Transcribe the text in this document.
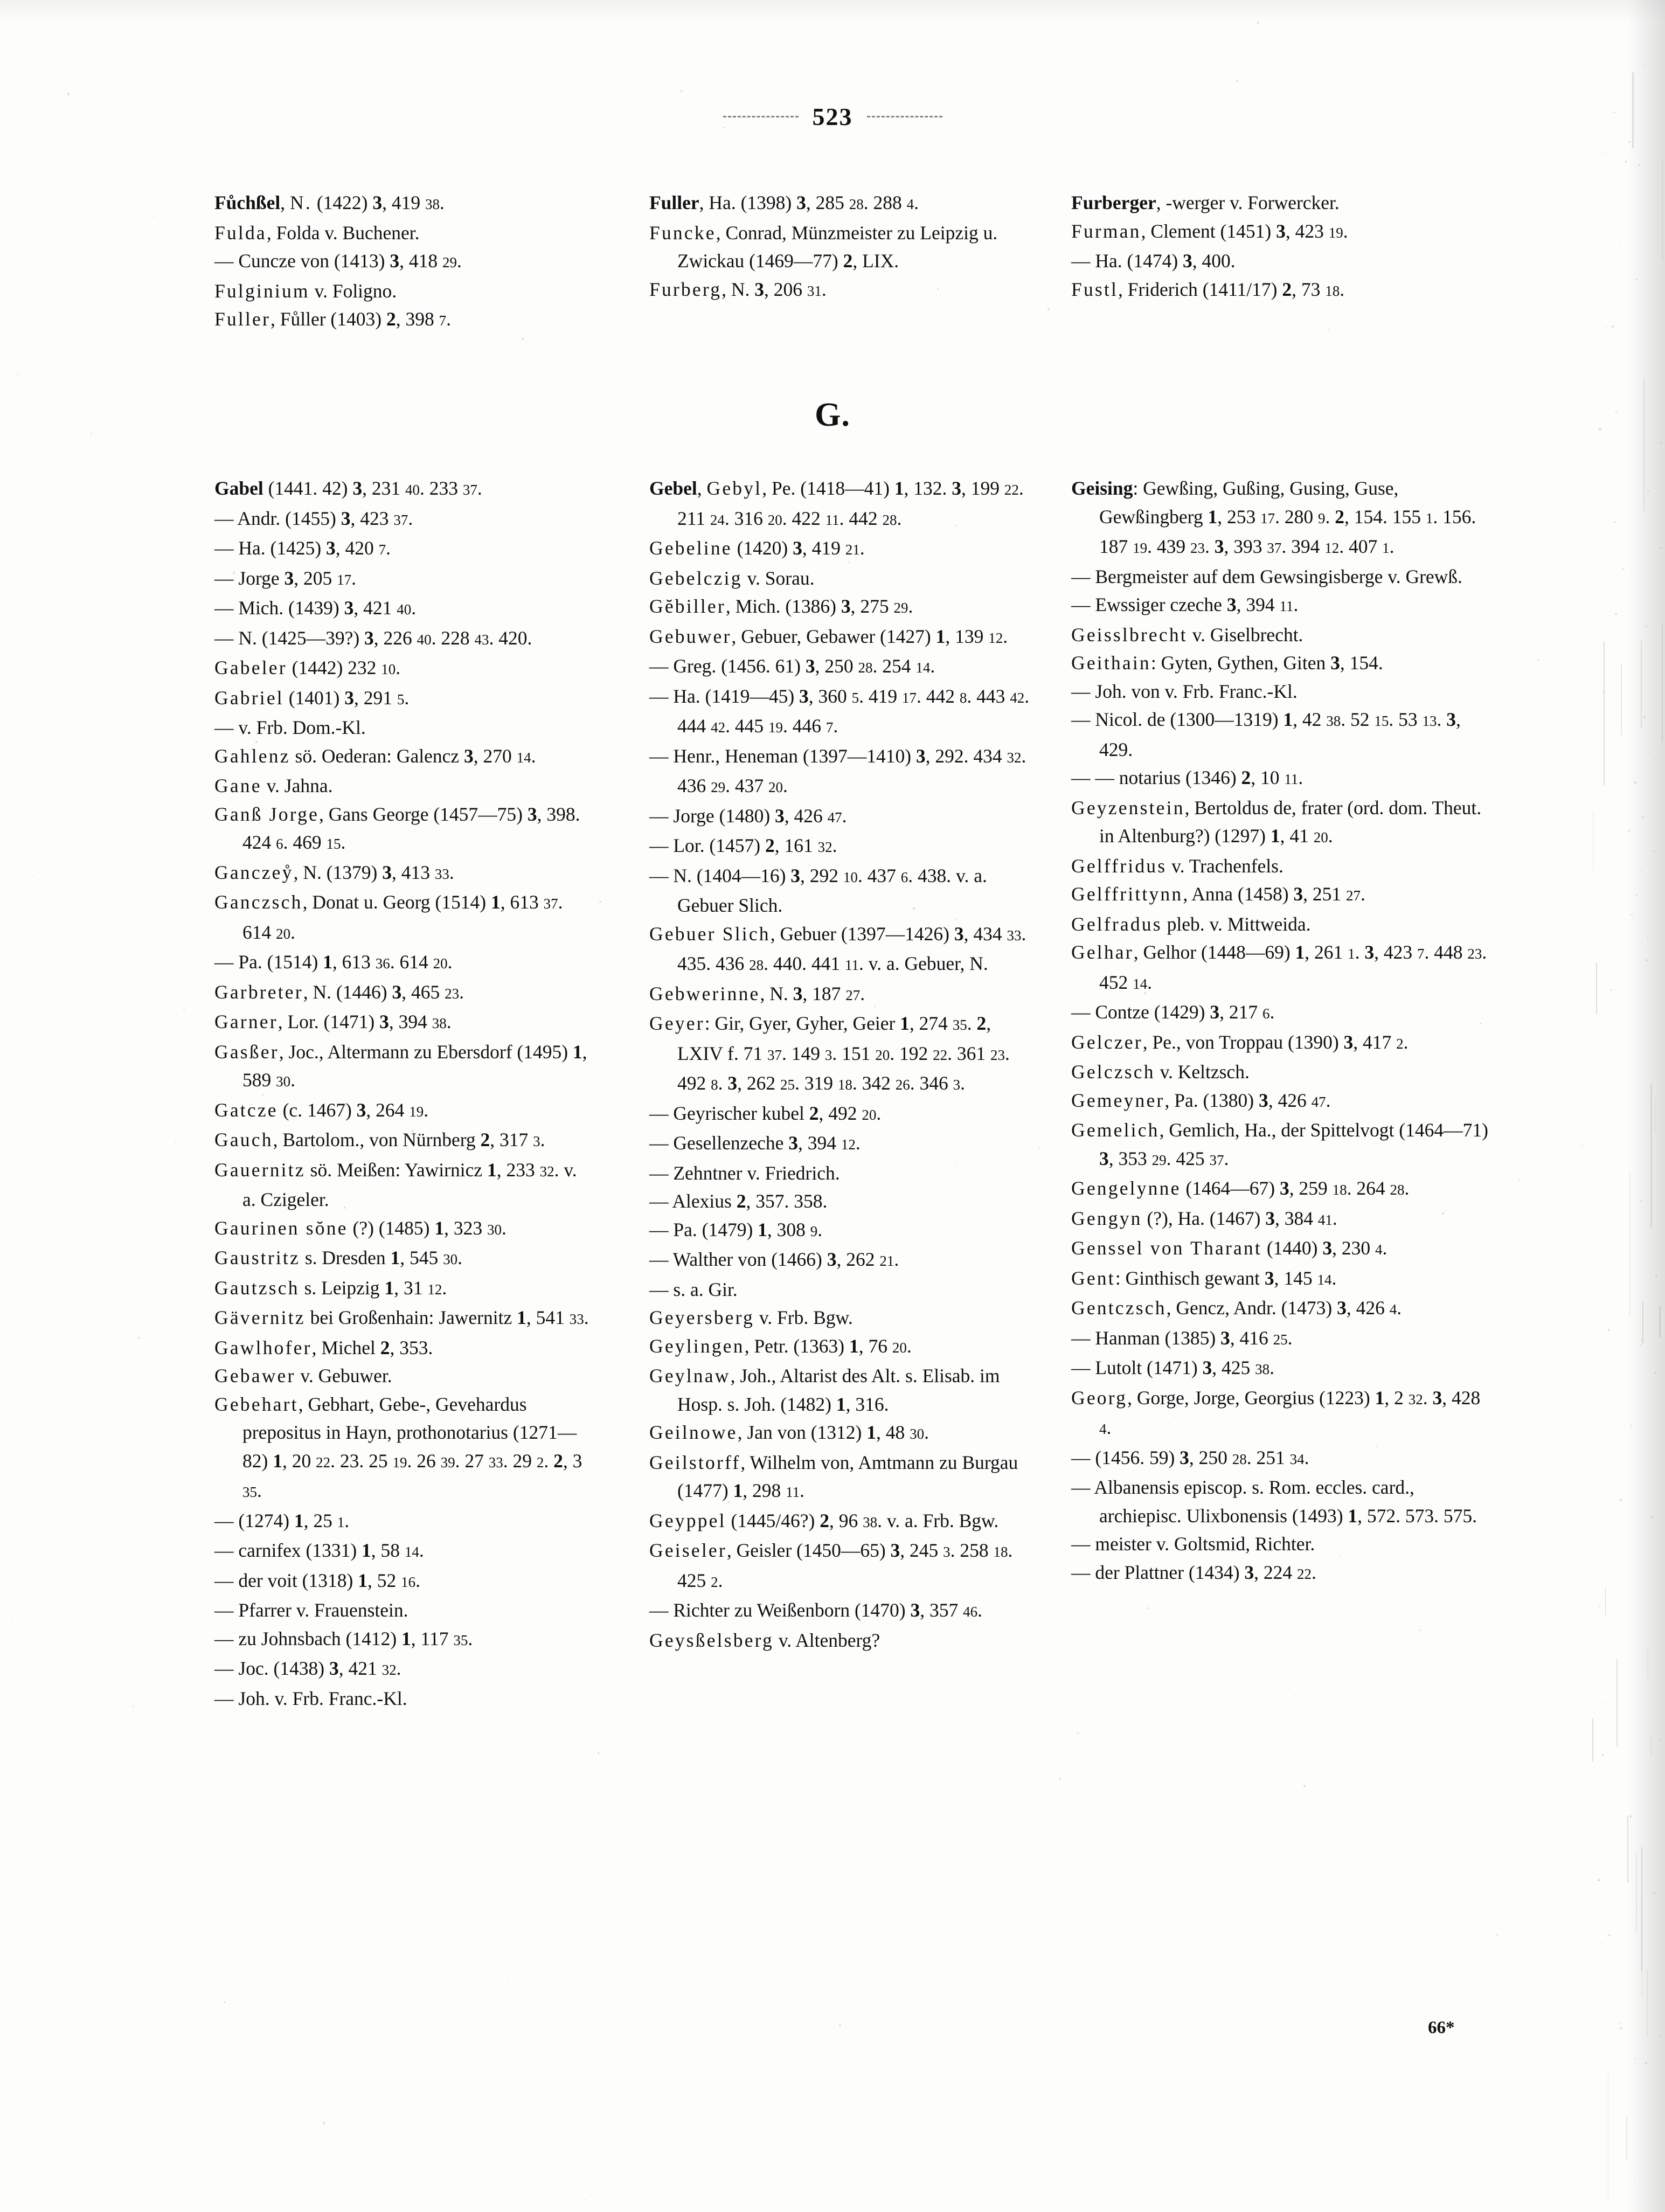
523
G.

Fůchßel, N. (1422) 3, 419 38.

Fulda, Folda v. Buchener.

— Cuncze von (1413) 3, 418 29.

Fulginium v. Foligno.

Fuller, Fůller (1403) 2, 398 7.

Gabel (1441. 42) 3, 231 40. 233 37.

— Andr. (1455) 3, 423 37.

— Ha. (1425) 3, 420 7.

— Jorge 3, 205 17.

— Mich. (1439) 3, 421 40.

— N. (1425—39?) 3, 226 40. 228 43. 420.

Gabeler (1442) 232 10.

Gabriel (1401) 3, 291 5.

— v. Frb. Dom.-Kl.

Gahlenz sö. Oederan: Galencz 3, 270 14.

Gane v. Jahna.

Ganß Jorge, Gans George (1457—75) 3, 398. 424 6. 469 15.

Ganczeẙ, N. (1379) 3, 413 33.

Ganczsch, Donat u. Georg (1514) 1, 613 37. 614 20.

— Pa. (1514) 1, 613 36. 614 20.

Garbreter, N. (1446) 3, 465 23.

Garner, Lor. (1471) 3, 394 38.

Gasßer, Joc., Altermann zu Ebersdorf (1495) 1, 589 30.

Gatcze (c. 1467) 3, 264 19.

Gauch, Bartolom., von Nürnberg 2, 317 3.

Gauernitz sö. Meißen: Yawirnicz 1, 233 32. v. a. Czigeler.

Gaurinen sŏne (?) (1485) 1, 323 30.

Gaustritz s. Dresden 1, 545 30.

Gautzsch s. Leipzig 1, 31 12.

Gävernitz bei Großenhain: Jawernitz 1, 541 33.

Gawlhofer, Michel 2, 353.

Gebawer v. Gebuwer.

Gebehart, Gebhart, Gebe-, Gevehardus prepositus in Hayn, prothonotarius (1271—82) 1, 20 22. 23. 25 19. 26 39. 27 33. 29 2. 2, 3 35.

— (1274) 1, 25 1.

— carnifex (1331) 1, 58 14.

— der voit (1318) 1, 52 16.

— Pfarrer v. Frauenstein.

— zu Johnsbach (1412) 1, 117 35.

— Joc. (1438) 3, 421 32.

— Joh. v. Frb. Franc.-Kl.

Fuller, Ha. (1398) 3, 285 28. 288 4.

Funcke, Conrad, Münzmeister zu Leipzig u. Zwickau (1469—77) 2, LIX.

Furberg, N. 3, 206 31.

Gebel, Gebyl, Pe. (1418—41) 1, 132. 3, 199 22. 211 24. 316 20. 422 11. 442 28.

Gebeline (1420) 3, 419 21.

Gebelczig v. Sorau.

Gĕbiller, Mich. (1386) 3, 275 29.

Gebuwer, Gebuer, Gebawer (1427) 1, 139 12.

— Greg. (1456. 61) 3, 250 28. 254 14.

— Ha. (1419—45) 3, 360 5. 419 17. 442 8. 443 42. 444 42. 445 19. 446 7.

— Henr., Heneman (1397—1410) 3, 292. 434 32. 436 29. 437 20.

— Jorge (1480) 3, 426 47.

— Lor. (1457) 2, 161 32.

— N. (1404—16) 3, 292 10. 437 6. 438. v. a. Gebuer Slich.

Gebuer Slich, Gebuer (1397—1426) 3, 434 33. 435. 436 28. 440. 441 11. v. a. Gebuer, N.

Gebwerinne, N. 3, 187 27.

Geyer: Gir, Gyer, Gyher, Geier 1, 274 35. 2, LXIV f. 71 37. 149 3. 151 20. 192 22. 361 23. 492 8. 3, 262 25. 319 18. 342 26. 346 3.

— Geyrischer kubel 2, 492 20.

— Gesellenzeche 3, 394 12.

— Zehntner v. Friedrich.

— Alexius 2, 357. 358.

— Pa. (1479) 1, 308 9.

— Walther von (1466) 3, 262 21.

— s. a. Gir.

Geyersberg v. Frb. Bgw.

Geylingen, Petr. (1363) 1, 76 20.

Geylnaw, Joh., Altarist des Alt. s. Elisab. im Hosp. s. Joh. (1482) 1, 316.

Geilnowe, Jan von (1312) 1, 48 30.

Geilstorff, Wilhelm von, Amtmann zu Burgau (1477) 1, 298 11.

Geyppel (1445/46?) 2, 96 38. v. a. Frb. Bgw.

Geiseler, Geisler (1450—65) 3, 245 3. 258 18. 425 2.

— Richter zu Weißenborn (1470) 3, 357 46.

Geysßelsberg v. Altenberg?

Furberger, -werger v. Forwercker.

Furman, Clement (1451) 3, 423 19.

— Ha. (1474) 3, 400.

Fustl, Friderich (1411/17) 2, 73 18.

Geising: Gewßing, Gußing, Gusing, Guse, Gewßingberg 1, 253 17. 280 9. 2, 154. 155 1. 156. 187 19. 439 23. 3, 393 37. 394 12. 407 1.

— Bergmeister auf dem Gewsingisberge v. Grewß.

— Ewssiger czeche 3, 394 11.

Geisslbrecht v. Giselbrecht.

Geithain: Gyten, Gythen, Giten 3, 154.

— Joh. von v. Frb. Franc.-Kl.

— Nicol. de (1300—1319) 1, 42 38. 52 15. 53 13. 3, 429.

— — notarius (1346) 2, 10 11.

Geyzenstein, Bertoldus de, frater (ord. dom. Theut. in Altenburg?) (1297) 1, 41 20.

Gelffridus v. Trachenfels.

Gelffrittynn, Anna (1458) 3, 251 27.

Gelfradus pleb. v. Mittweida.

Gelhar, Gelhor (1448—69) 1, 261 1. 3, 423 7. 448 23. 452 14.

— Contze (1429) 3, 217 6.

Gelczer, Pe., von Troppau (1390) 3, 417 2.

Gelczsch v. Keltzsch.

Gemeyner, Pa. (1380) 3, 426 47.

Gemelich, Gemlich, Ha., der Spittelvogt (1464—71) 3, 353 29. 425 37.

Gengelynne (1464—67) 3, 259 18. 264 28.

Gengyn (?), Ha. (1467) 3, 384 41.

Genssel von Tharant (1440) 3, 230 4.

Gent: Ginthisch gewant 3, 145 14.

Gentczsch, Gencz, Andr. (1473) 3, 426 4.

— Hanman (1385) 3, 416 25.

— Lutolt (1471) 3, 425 38.

Georg, Gorge, Jorge, Georgius (1223) 1, 2 32. 3, 428 4.

— (1456. 59) 3, 250 28. 251 34.

— Albanensis episcop. s. Rom. eccles. card., archiepisc. Ulixbonensis (1493) 1, 572. 573. 575.

— meister v. Goltsmid, Richter.

— der Plattner (1434) 3, 224 22.

66*
